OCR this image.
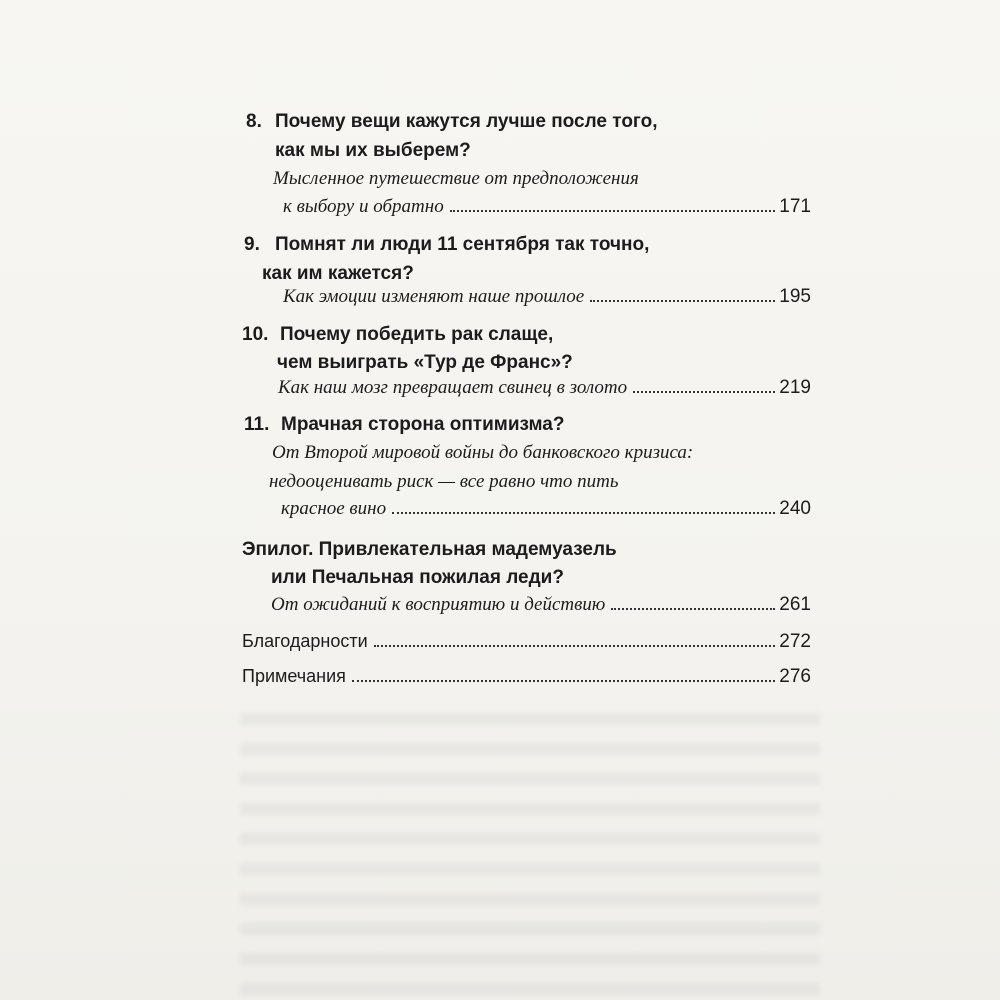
8. Почему вещи кажутся лучше после того,
как мы их выберем?
Мысленное путешествие от предположения
к выбору и обратно	171
9. Помнят ли люди 11 сентября так точно,
как им кажется?
Как эмоции изменяют наше прошлое	195
10. Почему победить рак слаще,
чем выиграть «Тур де Франс»?
Как наш мозг превращает свинец в золото	219
11. Мрачная сторона оптимизма?
От Второй мировой войны до банковского кризиса:
недооценивать риск — все равно что пить
красное вино	240
Эпилог. Привлекательная мадемуазель
или Печальная пожилая леди?
От ожиданий к восприятию и действию	261
Благодарности	272
Примечания	276
